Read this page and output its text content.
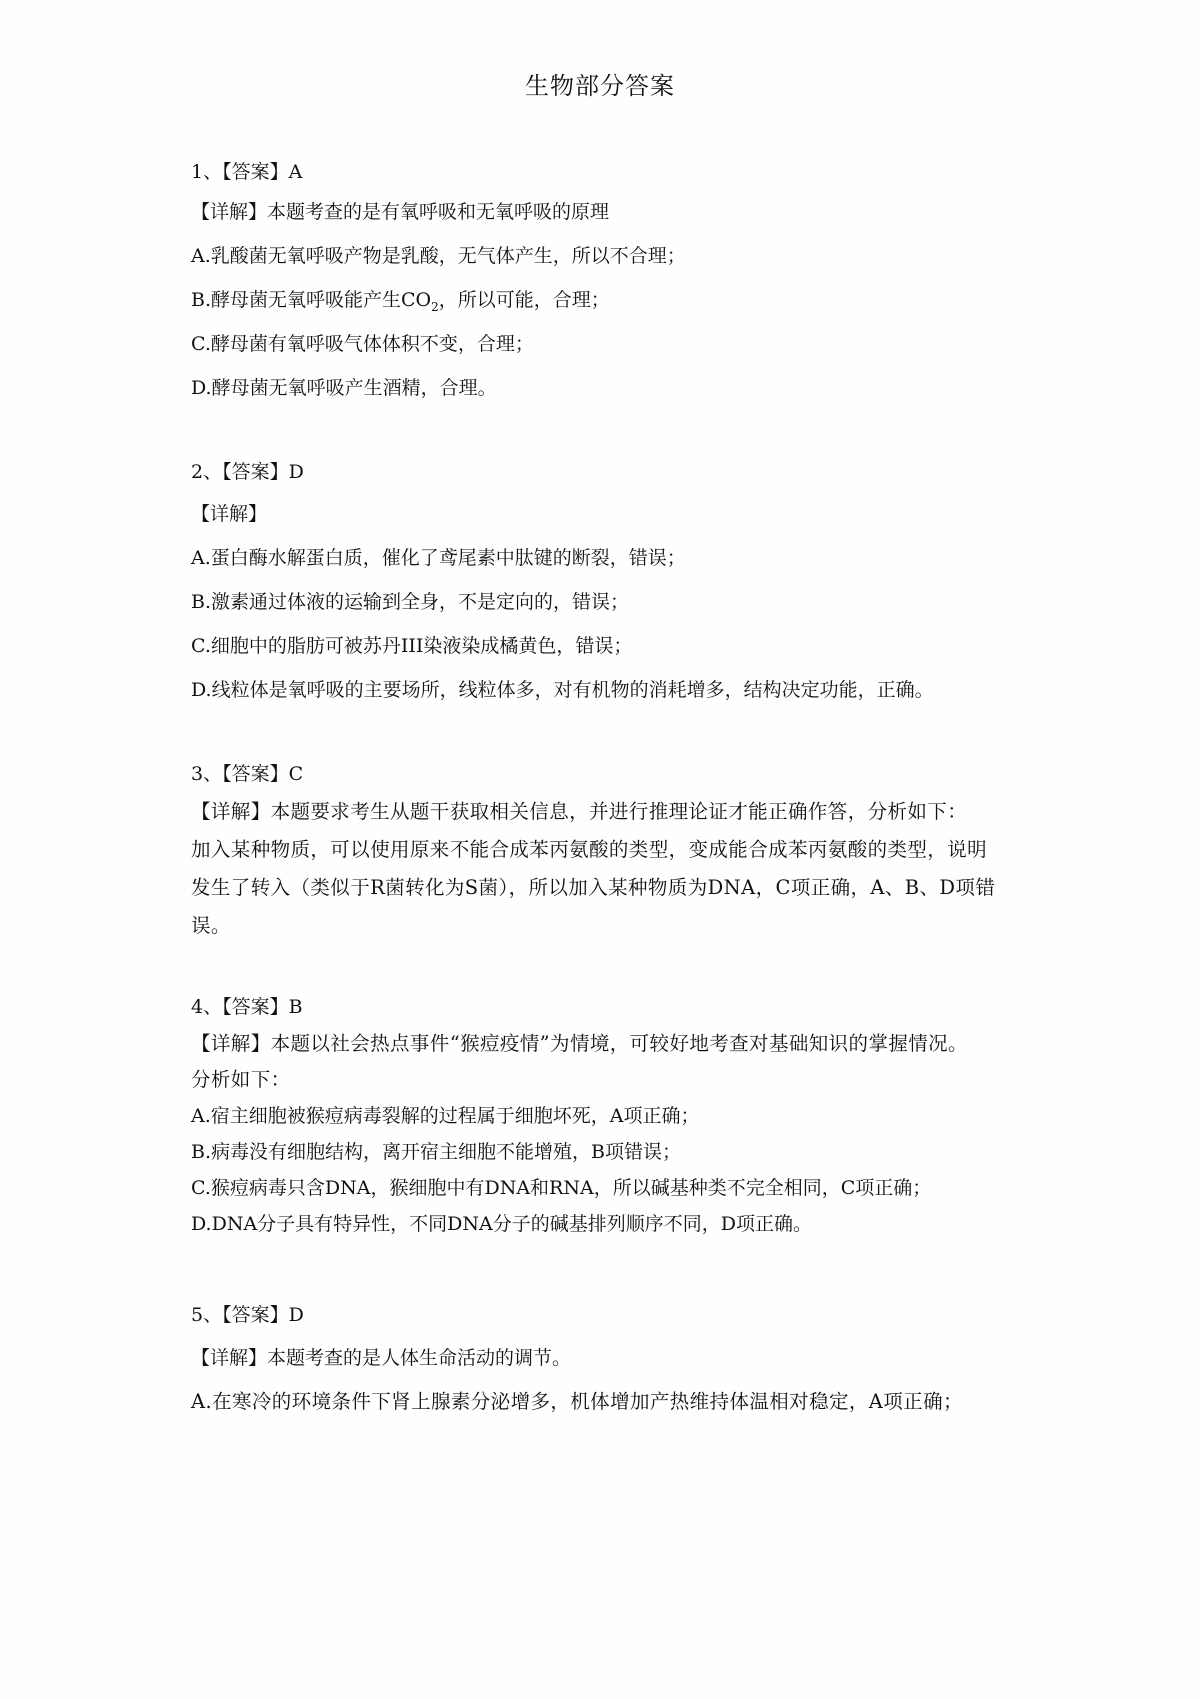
生物部分答案
1、【答案】A
【详解】本题考查的是有氧呼吸和无氧呼吸的原理
A.乳酸菌无氧呼吸产物是乳酸，无气体产生，所以不合理；
B.酵母菌无氧呼吸能产生$CO_2$，所以可能，合理；
C.酵母菌有氧呼吸气体体积不变，合理；
D.酵母菌无氧呼吸产生酒精，合理。
2、【答案】D
【详解】
A.蛋白酶水解蛋白质，催化了鸢尾素中肽键的断裂，错误；
B.激素通过体液的运输到全身，不是定向的，错误；
C.细胞中的脂肪可被苏丹III染液染成橘黄色，错误；
D.线粒体是氧呼吸的主要场所，线粒体多，对有机物的消耗增多，结构决定功能，正确。
3、【答案】C
【详解】本题要求考生从题干获取相关信息，并进行推理论证才能正确作答，分析如下：
加入某种物质，可以使用原来不能合成苯丙氨酸的类型，变成能合成苯丙氨酸的类型，说明
发生了转入（类似于R菌转化为S菌），所以加入某种物质为DNA，C项正确，A、B、D项错
误。
4、【答案】B
【详解】本题以社会热点事件“猴痘疫情”为情境，可较好地考查对基础知识的掌握情况。
分析如下：
A.宿主细胞被猴痘病毒裂解的过程属于细胞坏死，A项正确；
B.病毒没有细胞结构，离开宿主细胞不能增殖，B项错误；
C.猴痘病毒只含DNA，猴细胞中有DNA和RNA，所以碱基种类不完全相同，C项正确；
D.DNA分子具有特异性，不同DNA分子的碱基排列顺序不同，D项正确。
5、【答案】D
【详解】本题考查的是人体生命活动的调节。
A.在寒冷的环境条件下肾上腺素分泌增多，机体增加产热维持体温相对稳定，A项正确；
